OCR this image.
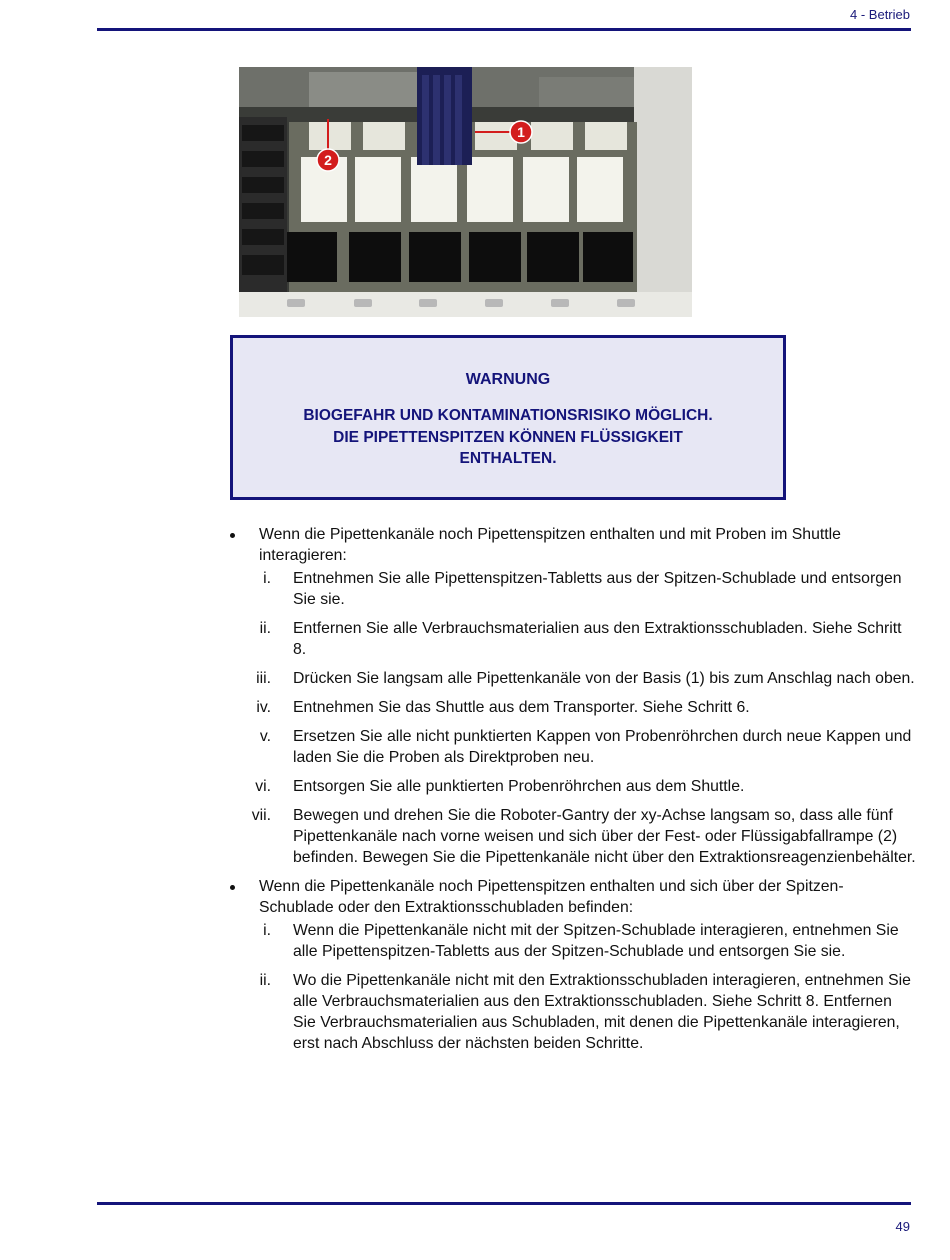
4 - Betrieb
1
2
WARNUNG
BIOGEFAHR UND KONTAMINATIONSRISIKO MÖGLICH.
DIE PIPETTENSPITZEN KÖNNEN FLÜSSIGKEIT
ENTHALTEN.
Wenn die Pipettenkanäle noch Pipettenspitzen enthalten und mit Proben im Shuttle interagieren:
i. Entnehmen Sie alle Pipettenspitzen-Tabletts aus der Spitzen-Schublade und entsorgen Sie sie.
ii. Entfernen Sie alle Verbrauchsmaterialien aus den Extraktionsschubladen. Siehe Schritt 8.
iii. Drücken Sie langsam alle Pipettenkanäle von der Basis (1) bis zum Anschlag nach oben.
iv. Entnehmen Sie das Shuttle aus dem Transporter. Siehe Schritt 6.
v. Ersetzen Sie alle nicht punktierten Kappen von Probenröhrchen durch neue Kappen und laden Sie die Proben als Direktproben neu.
vi. Entsorgen Sie alle punktierten Probenröhrchen aus dem Shuttle.
vii. Bewegen und drehen Sie die Roboter-Gantry der xy-Achse langsam so, dass alle fünf Pipettenkanäle nach vorne weisen und sich über der Fest- oder Flüssigabfallrampe (2) befinden. Bewegen Sie die Pipettenkanäle nicht über den Extraktionsreagenzienbehälter.
Wenn die Pipettenkanäle noch Pipettenspitzen enthalten und sich über der Spitzen-Schublade oder den Extraktionsschubladen befinden:
i. Wenn die Pipettenkanäle nicht mit der Spitzen-Schublade interagieren, entnehmen Sie alle Pipettenspitzen-Tabletts aus der Spitzen-Schublade und entsorgen Sie sie.
ii. Wo die Pipettenkanäle nicht mit den Extraktionsschubladen interagieren, entnehmen Sie alle Verbrauchsmaterialien aus den Extraktionsschubladen. Siehe Schritt 8. Entfernen Sie Verbrauchsmaterialien aus Schubladen, mit denen die Pipettenkanäle interagieren, erst nach Abschluss der nächsten beiden Schritte.
49
